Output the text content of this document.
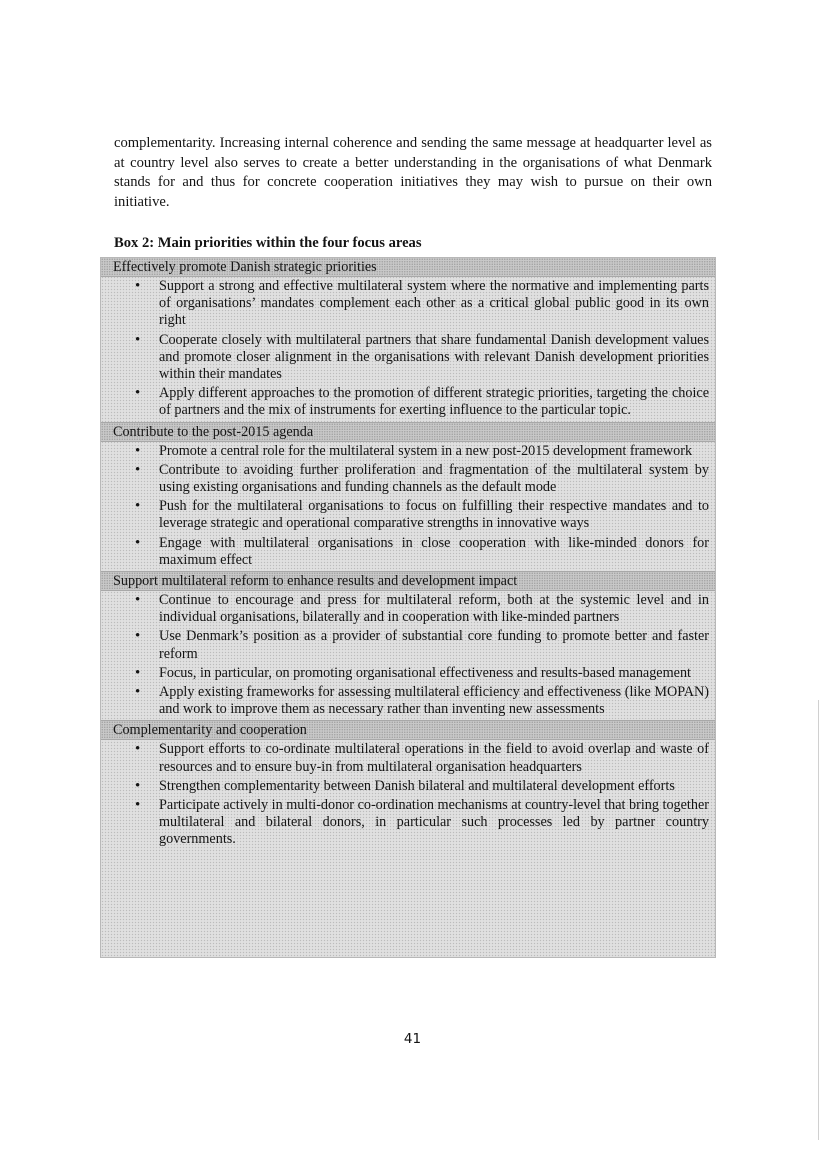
complementarity. Increasing internal coherence and sending the same message at headquarter level as at country level also serves to create a better understanding in the organisations of what Denmark stands for and thus for concrete cooperation initiatives they may wish to pursue on their own initiative.

Box 2: Main priorities within the four focus areas

Effectively promote Danish strategic priorities
• Support a strong and effective multilateral system where the normative and implementing parts of organisations’ mandates complement each other as a critical global public good in its own right
• Cooperate closely with multilateral partners that share fundamental Danish development values and promote closer alignment in the organisations with relevant Danish development priorities within their mandates
• Apply different approaches to the promotion of different strategic priorities, targeting the choice of partners and the mix of instruments for exerting influence to the particular topic.
Contribute to the post-2015 agenda
• Promote a central role for the multilateral system in a new post-2015 development framework
• Contribute to avoiding further proliferation and fragmentation of the multilateral system by using existing organisations and funding channels as the default mode
• Push for the multilateral organisations to focus on fulfilling their respective mandates and to leverage strategic and operational comparative strengths in innovative ways
• Engage with multilateral organisations in close cooperation with like-minded donors for maximum effect
Support multilateral reform to enhance results and development impact
• Continue to encourage and press for multilateral reform, both at the systemic level and in individual organisations, bilaterally and in cooperation with like-minded partners
• Use Denmark’s position as a provider of substantial core funding to promote better and faster reform
• Focus, in particular, on promoting organisational effectiveness and results-based management
• Apply existing frameworks for assessing multilateral efficiency and effectiveness (like MOPAN) and work to improve them as necessary rather than inventing new assessments
Complementarity and cooperation
• Support efforts to co-ordinate multilateral operations in the field to avoid overlap and waste of resources and to ensure buy-in from multilateral organisation headquarters
• Strengthen complementarity between Danish bilateral and multilateral development efforts
• Participate actively in multi-donor co-ordination mechanisms at country-level that bring together multilateral and bilateral donors, in particular such processes led by partner country governments.

41
